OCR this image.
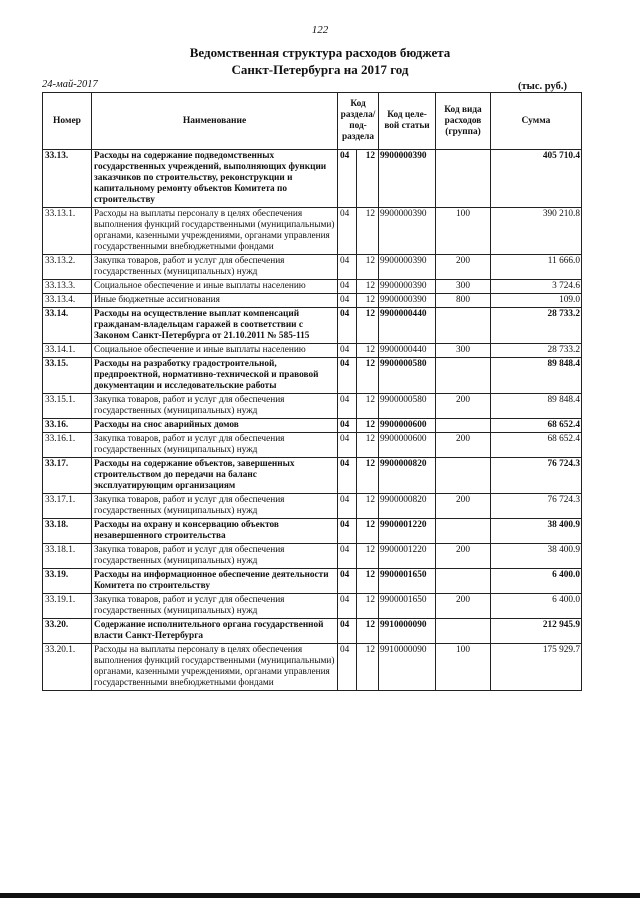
122
Ведомственная структура расходов бюджета
Санкт-Петербурга на 2017 год
24-май-2017	(тыс. руб.)
Номер	Наименование	Код раздела/ под- раздела		Код целе- вой статьи	Код вида расходов (группа)	Сумма
33.13.	Расходы на содержание подведомственных государственных учреждений, выполняющих функции заказчиков по строительству, реконструкции и капитальному ремонту объектов Комитета по строительству	04	12	9900000390		405 710.4
33.13.1.	Расходы на выплаты персоналу в целях обеспечения выполнения функций государственными (муниципальными) органами, казенными учреждениями, органами управления государственными внебюджетными фондами	04	12	9900000390	100	390 210.8
33.13.2.	Закупка товаров, работ и услуг для обеспечения государственных (муниципальных) нужд	04	12	9900000390	200	11 666.0
33.13.3.	Социальное обеспечение и иные выплаты населению	04	12	9900000390	300	3 724.6
33.13.4.	Иные бюджетные ассигнования	04	12	9900000390	800	109.0
33.14.	Расходы на осуществление выплат компенсаций гражданам-владельцам гаражей в соответствии с Законом Санкт-Петербурга от 21.10.2011 № 585-115	04	12	9900000440		28 733.2
33.14.1.	Социальное обеспечение и иные выплаты населению	04	12	9900000440	300	28 733.2
33.15.	Расходы на разработку градостроительной, предпроектной, нормативно-технической и правовой документации и исследовательские работы	04	12	9900000580		89 848.4
33.15.1.	Закупка товаров, работ и услуг для обеспечения государственных (муниципальных) нужд	04	12	9900000580	200	89 848.4
33.16.	Расходы на снос аварийных домов	04	12	9900000600		68 652.4
33.16.1.	Закупка товаров, работ и услуг для обеспечения государственных (муниципальных) нужд	04	12	9900000600	200	68 652.4
33.17.	Расходы на содержание объектов, завершенных строительством до передачи на баланс эксплуатирующим организациям	04	12	9900000820		76 724.3
33.17.1.	Закупка товаров, работ и услуг для обеспечения государственных (муниципальных) нужд	04	12	9900000820	200	76 724.3
33.18.	Расходы на охрану и консервацию объектов незавершенного строительства	04	12	9900001220		38 400.9
33.18.1.	Закупка товаров, работ и услуг для обеспечения государственных (муниципальных) нужд	04	12	9900001220	200	38 400.9
33.19.	Расходы на информационное обеспечение деятельности Комитета по строительству	04	12	9900001650		6 400.0
33.19.1.	Закупка товаров, работ и услуг для обеспечения государственных (муниципальных) нужд	04	12	9900001650	200	6 400.0
33.20.	Содержание исполнительного органа государственной власти Санкт-Петербурга	04	12	9910000090		212 945.9
33.20.1.	Расходы на выплаты персоналу в целях обеспечения выполнения функций государственными (муниципальными) органами, казенными учреждениями, органами управления государственными внебюджетными фондами	04	12	9910000090	100	175 929.7
